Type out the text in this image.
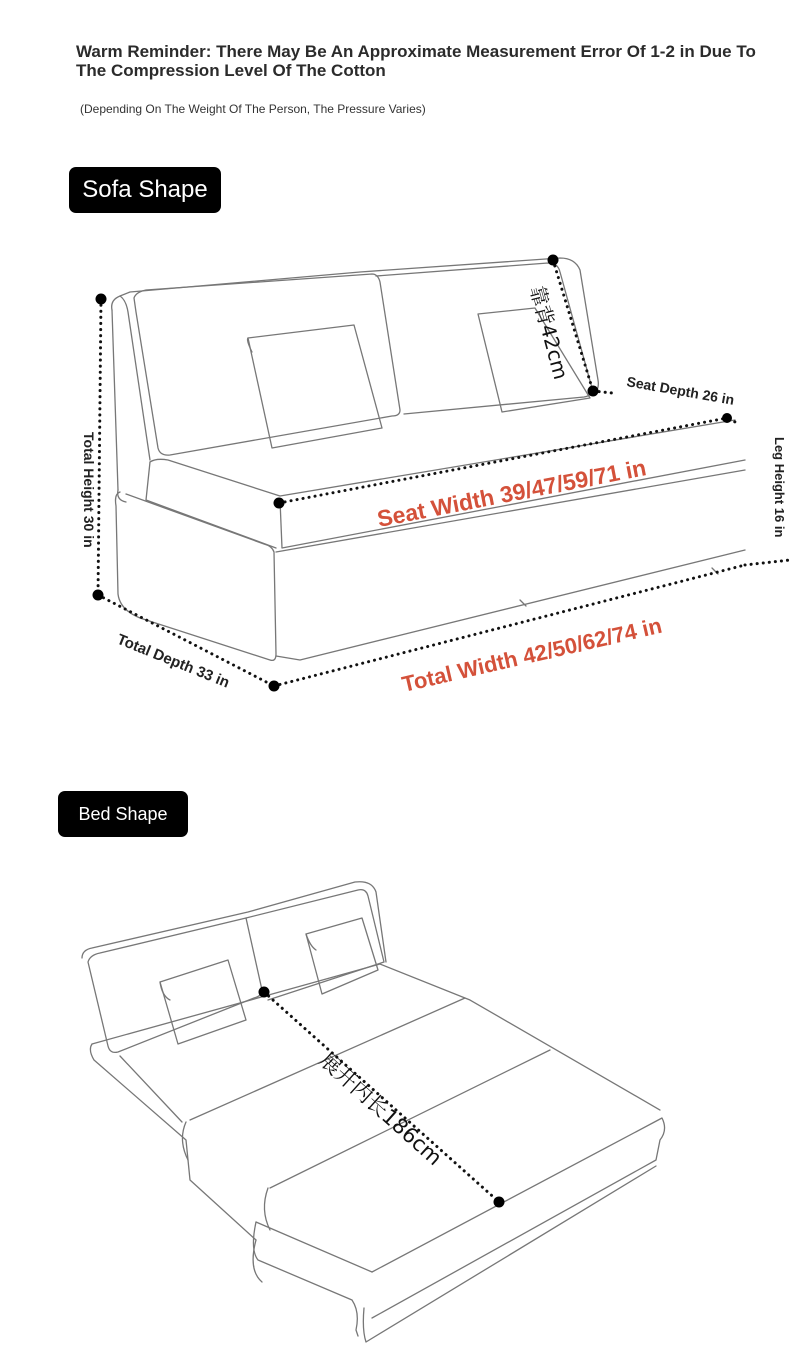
Warm Reminder: There May Be An Approximate Measurement Error Of 1-2 in Due To The Compression Level Of The Cotton
(Depending On The Weight Of The Person, The Pressure Varies)
Sofa Shape
Bed Shape
靠背42cm
Seat Depth 26 in
Total Height 30 in	Leg Height 16 in
Seat Width 39/47/59/71 in
Total Depth 33 in	Total Width 42/50/62/74 in
展开内长186cm
